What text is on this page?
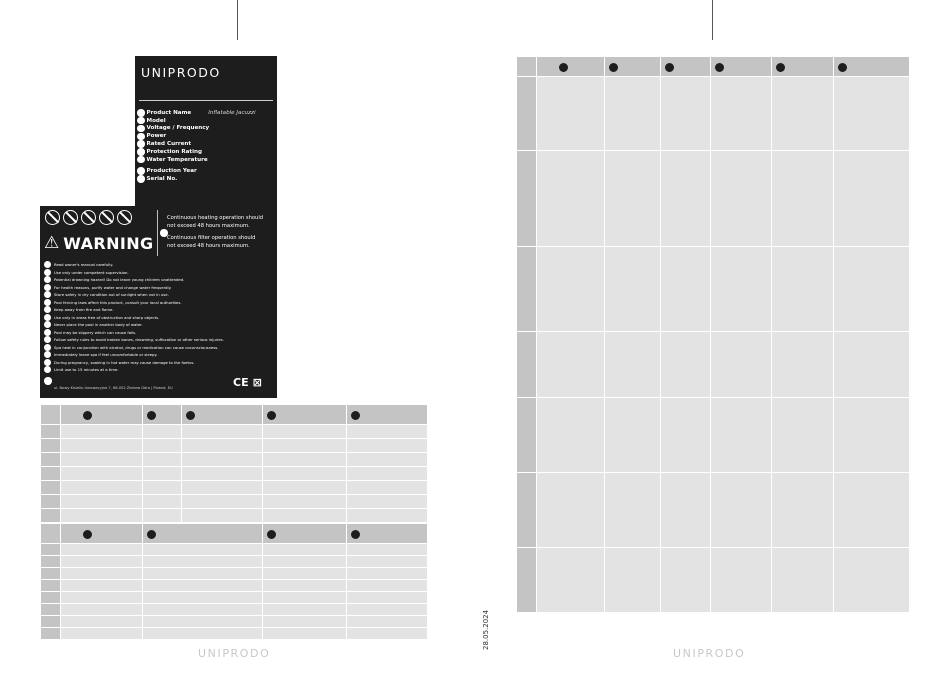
UNIPRODO
Product Name	Inflatable Jacuzzi
Model
Voltage / Frequency
Power
Rated Current
Protection Rating
Water Temperature
Production Year
Serial No.
⚠ WARNING
Continuous heating operation should
not exceed 48 hours maximum.
Continuous filter operation should
not exceed 48 hours maximum.
Read owner's manual carefully.
Use only under competent supervision.
Potential drowning hazard! Do not leave young children unattended.
For health reasons, purify water and change water frequently.
Store safely in dry condition out of sunlight when not in use.
Pool fencing laws affect this product, consult your local authorities.
Keep away from fire and flame.
Use only in areas free of obstruction and sharp objects.
Never place the pool in another body of water.
Pool may be slippery which can cause falls.
Follow safety rules to avoid broken bones, drowning, suffocation or other serious injuries.
Spa heat in conjunction with alcohol, drugs or medication can cause unconsciousness.
Immediately leave spa if feel uncomfortable or sleepy.
During pregnancy, soaking in hot water may cause damage to the foetus.
Limit use to 15 minutes at a time.
ul. Nowy Kisielin-Innowacyjna 7, 66-002 Zielona Góra | Poland, EU	CE ⊠

UNIPRODO

28.05.2024
UNIPRODO
